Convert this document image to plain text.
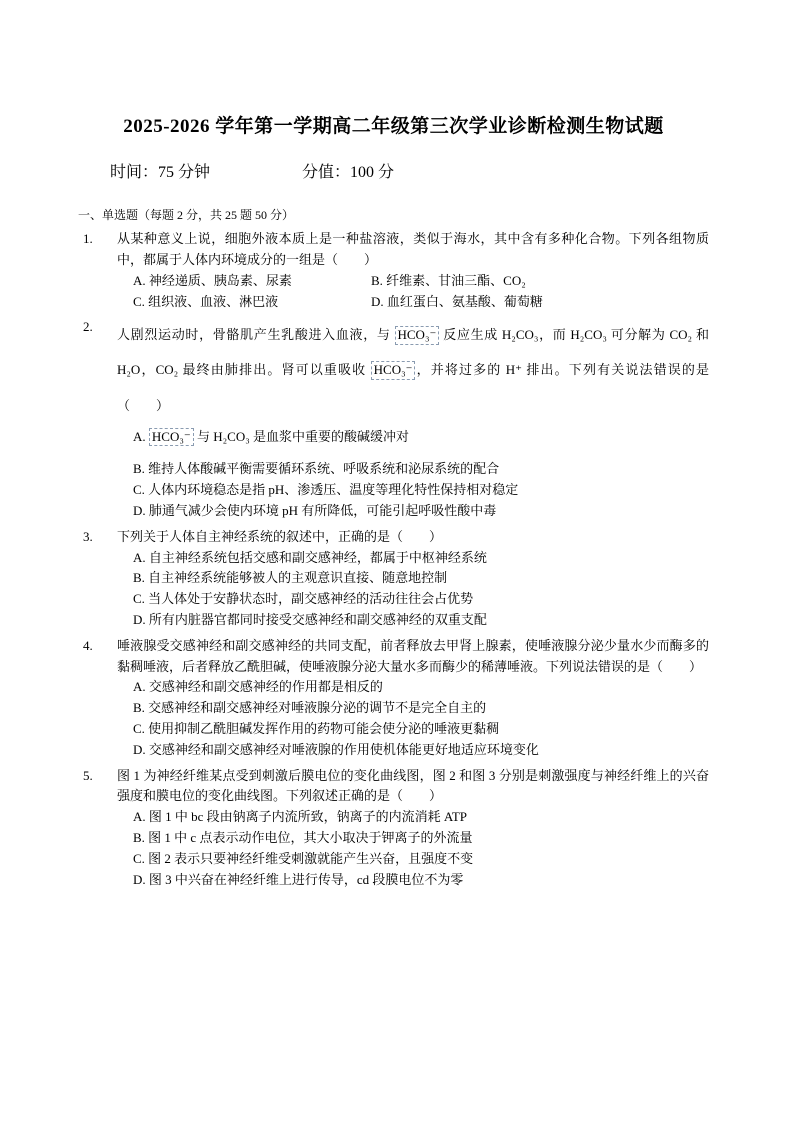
2025-2026 学年第一学期高二年级第三次学业诊断检测生物试题
时间：75 分钟	分值：100 分
一、单选题（每题 2 分，共 25 题 50 分）
1.	从某种意义上说，细胞外液本质上是一种盐溶液，类似于海水，其中含有多种化合物。下列各组物质中，都属于人体内环境成分的一组是（　　）
A. 神经递质、胰岛素、尿素	B. 纤维素、甘油三酯、CO₂
C. 组织液、血液、淋巴液	D. 血红蛋白、氨基酸、葡萄糖
2.
人剧烈运动时，骨骼肌产生乳酸进入血液，与 HCO₃⁻ 反应生成 H₂CO₃，而 H₂CO₃ 可分解为 CO₂ 和 H₂O，CO₂ 最终由肺排出。肾可以重吸收 HCO₃⁻ ，并将过多的 H⁺ 排出。下列有关说法错误的是（　　）
A. HCO₃⁻ 与 H₂CO₃ 是血浆中重要的酸碱缓冲对
B. 维持人体酸碱平衡需要循环系统、呼吸系统和泌尿系统的配合
C. 人体内环境稳态是指 pH、渗透压、温度等理化特性保持相对稳定
D. 肺通气减少会使内环境 pH 有所降低，可能引起呼吸性酸中毒
3.	下列关于人体自主神经系统的叙述中，正确的是（　　）
A. 自主神经系统包括交感和副交感神经，都属于中枢神经系统
B. 自主神经系统能够被人的主观意识直接、随意地控制
C. 当人体处于安静状态时，副交感神经的活动往往会占优势
D. 所有内脏器官都同时接受交感神经和副交感神经的双重支配
4.	唾液腺受交感神经和副交感神经的共同支配，前者释放去甲肾上腺素，使唾液腺分泌少量水少而酶多的黏稠唾液，后者释放乙酰胆碱，使唾液腺分泌大量水多而酶少的稀薄唾液。下列说法错误的是（　　）
A. 交感神经和副交感神经的作用都是相反的
B. 交感神经和副交感神经对唾液腺分泌的调节不是完全自主的
C. 使用抑制乙酰胆碱发挥作用的药物可能会使分泌的唾液更黏稠
D. 交感神经和副交感神经对唾液腺的作用使机体能更好地适应环境变化
5.	图 1 为神经纤维某点受到刺激后膜电位的变化曲线图，图 2 和图 3 分别是刺激强度与神经纤维上的兴奋强度和膜电位的变化曲线图。下列叙述正确的是（　　）
A. 图 1 中 bc 段由钠离子内流所致，钠离子的内流消耗 ATP
B. 图 1 中 c 点表示动作电位，其大小取决于钾离子的外流量
C. 图 2 表示只要神经纤维受刺激就能产生兴奋，且强度不变
D. 图 3 中兴奋在神经纤维上进行传导，cd 段膜电位不为零
